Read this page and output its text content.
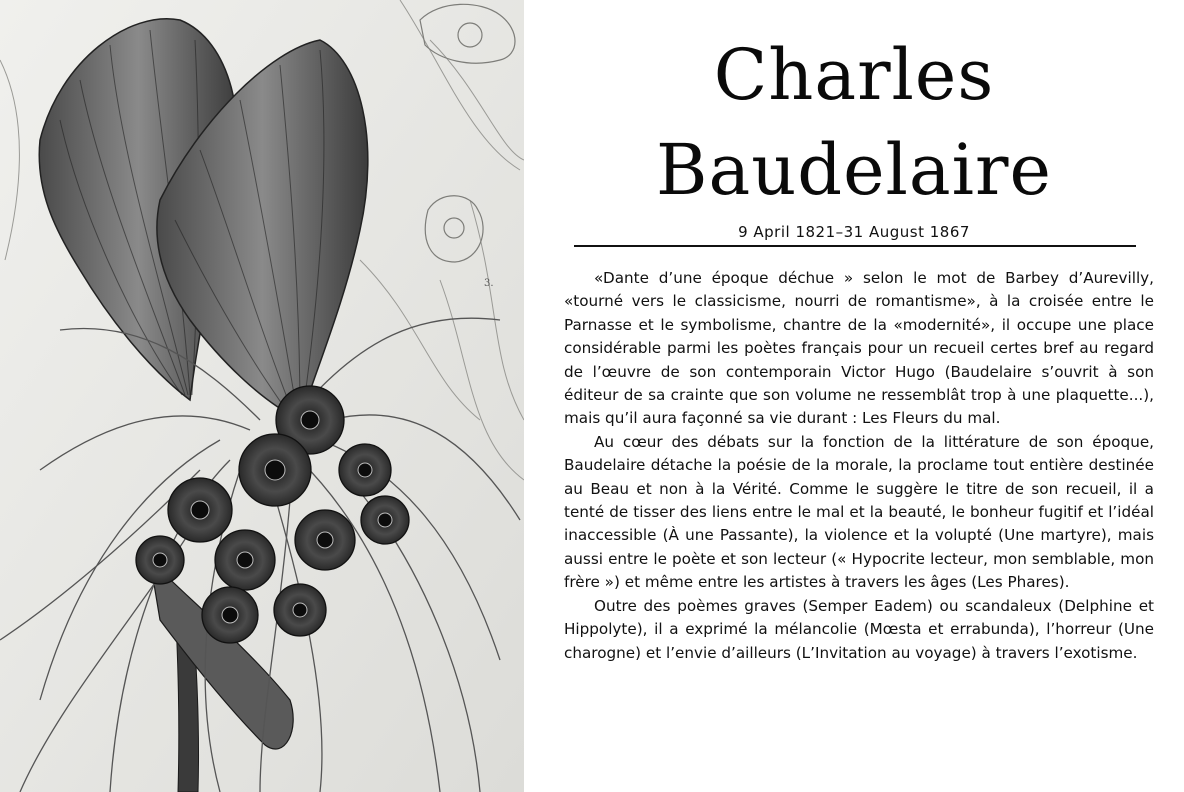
3.
Charles
Baudelaire
9 April 1821–31 August 1867

«Dante d’une époque déchue » selon le mot de Barbey d’Aurevilly, «tourné vers le classicisme, nourri de romantisme», à la croisée entre le Parnasse et le symbolisme, chantre de la «modernité», il occupe une place considérable parmi les poètes français pour un recueil certes bref au regard de l’œuvre de son contemporain Victor Hugo (Baudelaire s’ouvrit à son éditeur de sa crainte que son volume ne ressemblât trop à une plaquette...), mais qu’il aura façonné sa vie durant : Les Fleurs du mal.

Au cœur des débats sur la fonction de la littérature de son époque, Baudelaire détache la poésie de la morale, la proclame tout entière destinée au Beau et non à la Vérité. Comme le suggère le titre de son recueil, il a tenté de tisser des liens entre le mal et la beauté, le bonheur fugitif et l’idéal inaccessible (À une Passante), la violence et la volupté (Une martyre), mais aussi entre le poète et son lecteur (« Hypocrite lecteur, mon semblable, mon frère ») et même entre les artistes à travers les âges (Les Phares).

Outre des poèmes graves (Semper Eadem) ou scandaleux (Delphine et Hippolyte), il a exprimé la mélancolie (Mœsta et errabunda), l’horreur (Une charogne) et l’envie d’ailleurs (L’Invitation au voyage) à travers l’exotisme.
